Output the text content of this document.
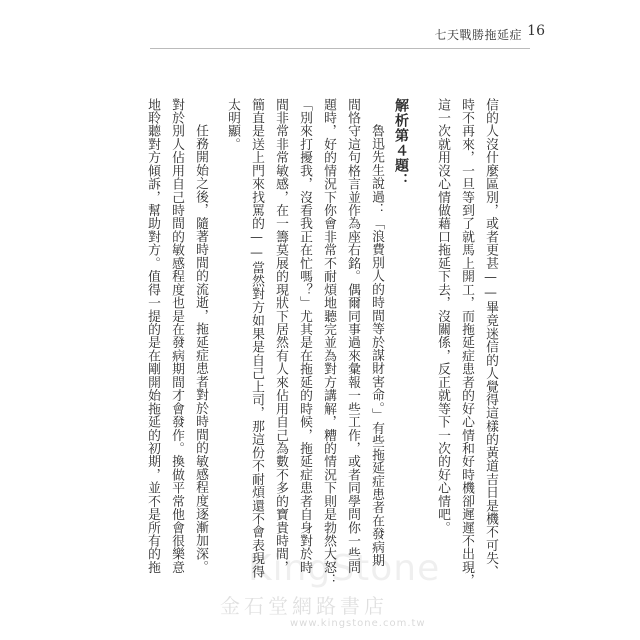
七天戰勝拖延症 16
信的人沒什麼區別，或者更甚——畢竟迷信的人覺得這樣的黃道吉日是機不可失、
時不再來，一旦等到了就馬上開工，而拖延症患者的好心情和好時機卻遲遲不出現，
這一次就用沒心情做藉口拖延下去，沒關係，反正就等下一次的好心情吧。
解析第４題：
魯迅先生說過：「浪費別人的時間等於謀財害命。」有些拖延症患者在發病期
間恪守這句格言並作為座右銘。偶爾同事過來彙報一些工作，或者同學問你一些問
題時，好的情況下你會非常不耐煩地聽完並為對方講解，糟的情況下則是勃然大怒：
「別來打擾我，沒看我正在忙嗎？」尤其是在拖延的時候，拖延症患者自身對於時
間非常非常敏感，在一籌莫展的現狀下居然有人來佔用自己為數不多的寶貴時間，
簡直是送上門來找罵的——當然對方如果是自己上司，那這份不耐煩還不會表現得
太明顯。
任務開始之後，隨著時間的流逝，拖延症患者對於時間的敏感程度逐漸加深。
對於別人佔用自己時間的敏感程度也是在發病期間才會發作。換做平常他會很樂意
地聆聽對方傾訴，幫助對方。值得一提的是在剛開始拖延的初期，並不是所有的拖 KingStone
金石堂網路書店
www.kingstone.com.tw
